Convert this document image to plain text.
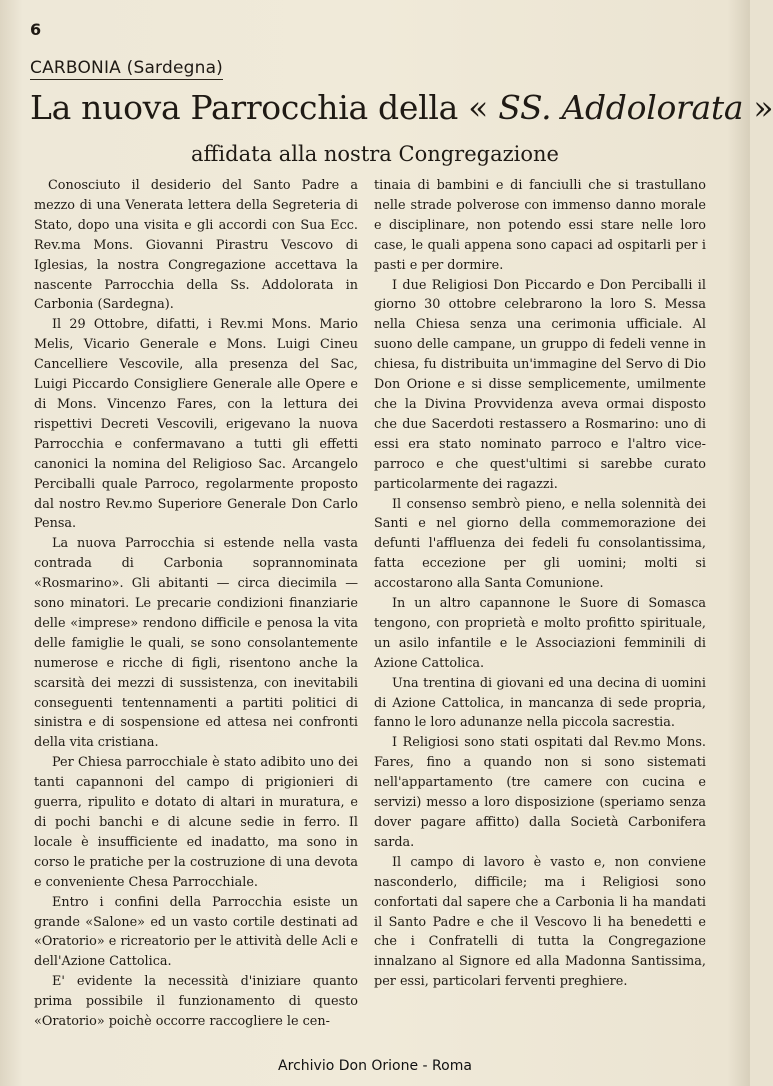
6
CARBONIA (Sardegna)
La nuova Parrocchia della « SS. Addolorata »
affidata alla nostra Congregazione

Conosciuto il desiderio del Santo Padre a mezzo di una Venerata lettera della Segreteria di Stato, dopo una visita e gli accordi con Sua Ecc. Rev.ma Mons. Giovanni Pirastru Vescovo di Iglesias, la nostra Congregazione accettava la nascente Parrocchia della Ss. Addolorata in Carbonia (Sardegna).

Il 29 Ottobre, difatti, i Rev.mi Mons. Mario Melis, Vicario Generale e Mons. Luigi Cineu Cancelliere Vescovile, alla presenza del Sac, Luigi Piccardo Consigliere Generale alle Opere e di Mons. Vincenzo Fares, con la lettura dei rispettivi Decreti Vescovili, erigevano la nuova Parrocchia e confermavano a tutti gli effetti canonici la nomina del Religioso Sac. Arcangelo Perciballi quale Parroco, regolarmente proposto dal nostro Rev.mo Superiore Generale Don Carlo Pensa.

La nuova Parrocchia si estende nella vasta contrada di Carbonia soprannominata «Rosmarino». Gli abitanti — circa diecimila — sono minatori. Le precarie condizioni finanziarie delle «imprese» rendono difficile e penosa la vita delle famiglie le quali, se sono consolantemente numerose e ricche di figli, risentono anche la scarsità dei mezzi di sussistenza, con inevitabili conseguenti tentennamenti a partiti politici di sinistra e di sospensione ed attesa nei confronti della vita cristiana.

Per Chiesa parrocchiale è stato adibito uno dei tanti capannoni del campo di prigionieri di guerra, ripulito e dotato di altari in muratura, e di pochi banchi e di alcune sedie in ferro. Il locale è insufficiente ed inadatto, ma sono in corso le pratiche per la costruzione di una devota e conveniente Chesa Parrocchiale.

Entro i confini della Parrocchia esiste un grande «Salone» ed un vasto cortile destinati ad «Oratorio» e ricreatorio per le attività delle Acli e dell'Azione Cattolica.

E' evidente la necessità d'iniziare quanto prima possibile il funzionamento di questo «Oratorio» poichè occorre raccogliere le cen-

tinaia di bambini e di fanciulli che si trastullano nelle strade polverose con immenso danno morale e disciplinare, non potendo essi stare nelle loro case, le quali appena sono capaci ad ospitarli per i pasti e per dormire.

I due Religiosi Don Piccardo e Don Perciballi il giorno 30 ottobre celebrarono la loro S. Messa nella Chiesa senza una cerimonia ufficiale. Al suono delle campane, un gruppo di fedeli venne in chiesa, fu distribuita un'immagine del Servo di Dio Don Orione e si disse semplicemente, umilmente che la Divina Provvidenza aveva ormai disposto che due Sacerdoti restassero a Rosmarino: uno di essi era stato nominato parroco e l'altro vice-parroco e che quest'ultimi si sarebbe curato particolarmente dei ragazzi.

Il consenso sembrò pieno, e nella solennità dei Santi e nel giorno della commemorazione dei defunti l'affluenza dei fedeli fu consolantissima, fatta eccezione per gli uomini; molti si accostarono alla Santa Comunione.

In un altro capannone le Suore di Somasca tengono, con proprietà e molto profitto spirituale, un asilo infantile e le Associazioni femminili di Azione Cattolica.

Una trentina di giovani ed una decina di uomini di Azione Cattolica, in mancanza di sede propria, fanno le loro adunanze nella piccola sacrestia.

I Religiosi sono stati ospitati dal Rev.mo Mons. Fares, fino a quando non si sono sistemati nell'appartamento (tre camere con cucina e servizi) messo a loro disposizione (speriamo senza dover pagare affitto) dalla Società Carbonifera sarda.

Il campo di lavoro è vasto e, non conviene nasconderlo, difficile; ma i Religiosi sono confortati dal sapere che a Carbonia li ha mandati il Santo Padre e che il Vescovo li ha benedetti e che i Confratelli di tutta la Congregazione innalzano al Signore ed alla Madonna Santissima, per essi, particolari ferventi preghiere.

Archivio Don Orione - Roma
